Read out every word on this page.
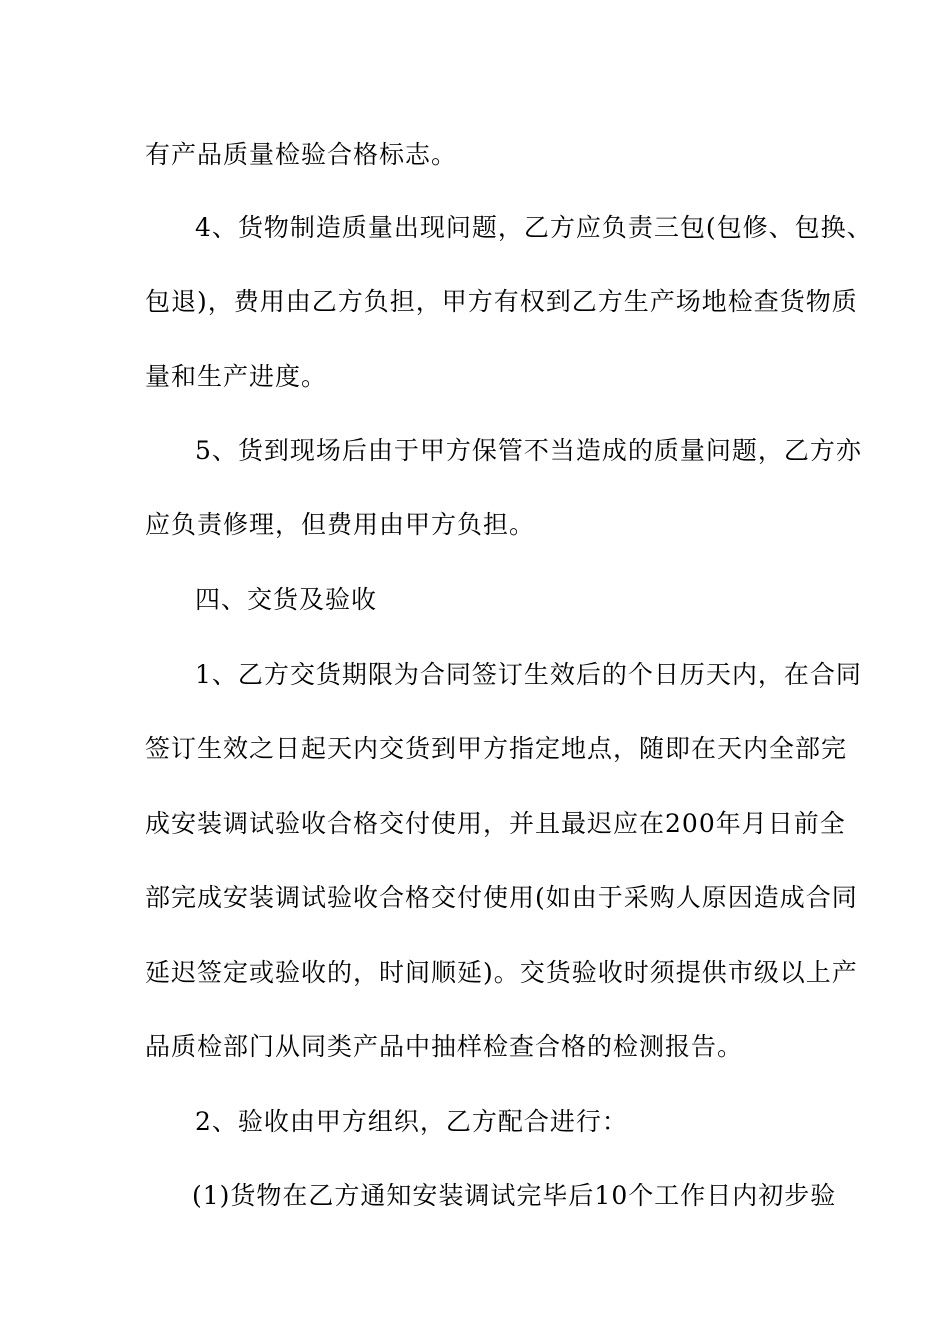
有产品质量检验合格标志。
4、货物制造质量出现问题，乙方应负责三包(包修、包换、
包退)，费用由乙方负担，甲方有权到乙方生产场地检查货物质
量和生产进度。
5、货到现场后由于甲方保管不当造成的质量问题，乙方亦
应负责修理，但费用由甲方负担。
四、交货及验收
1、乙方交货期限为合同签订生效后的个日历天内，在合同
签订生效之日起天内交货到甲方指定地点，随即在天内全部完
成安装调试验收合格交付使用，并且最迟应在200年月日前全
部完成安装调试验收合格交付使用(如由于采购人原因造成合同
延迟签定或验收的，时间顺延)。交货验收时须提供市级以上产
品质检部门从同类产品中抽样检查合格的检测报告。
2、验收由甲方组织，乙方配合进行：
(1)货物在乙方通知安装调试完毕后10个工作日内初步验
